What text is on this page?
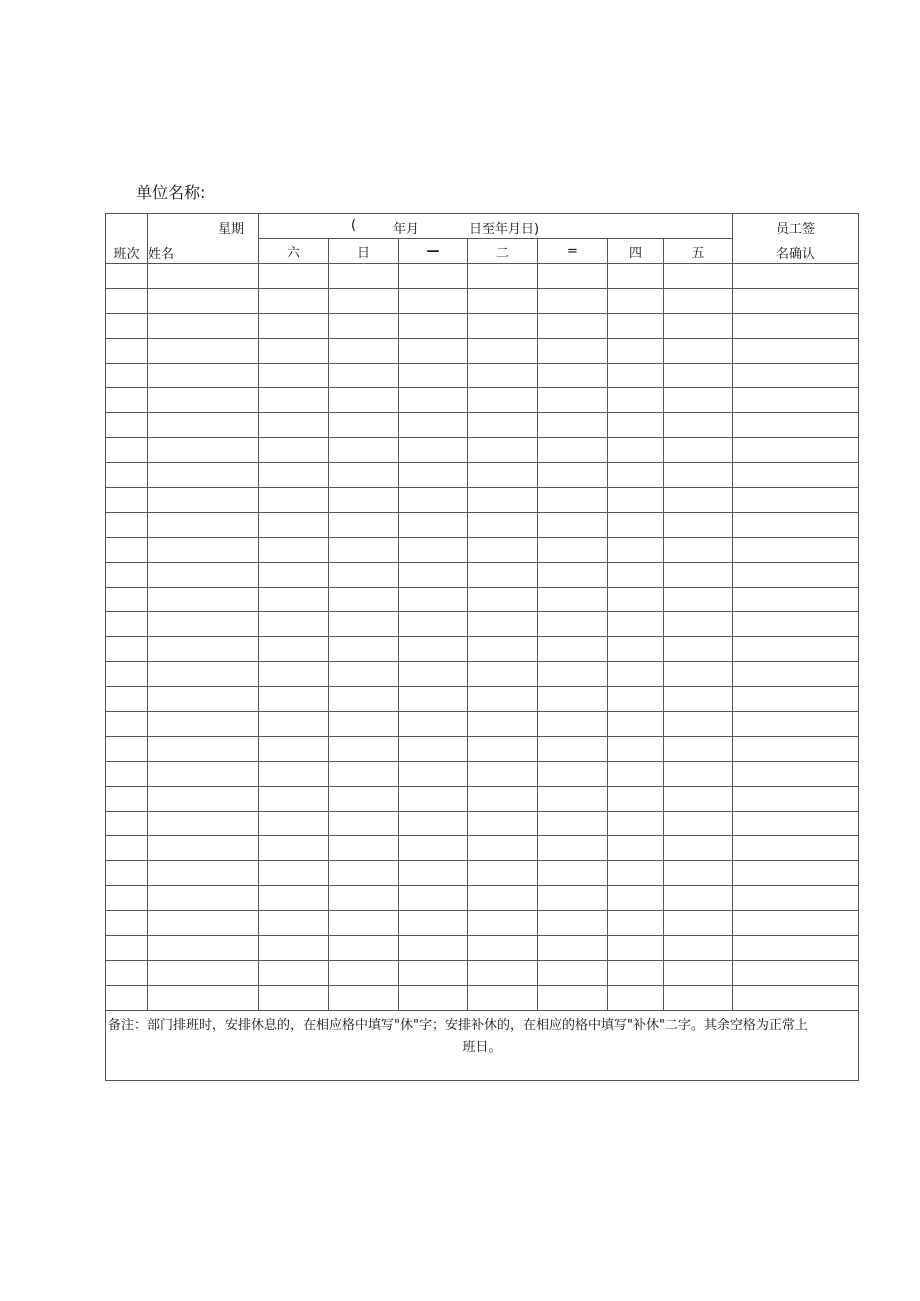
单位名称:
班次	星期	( 年月 日至年月日)							员工签
	姓名	六	日	—	二	=	四	五	名确认

备注：部门排班时，安排休息的，在相应格中填写"休"字；安排补休的，在相应的格中填写"补休"二字。其余空格为正常上
班日。									
